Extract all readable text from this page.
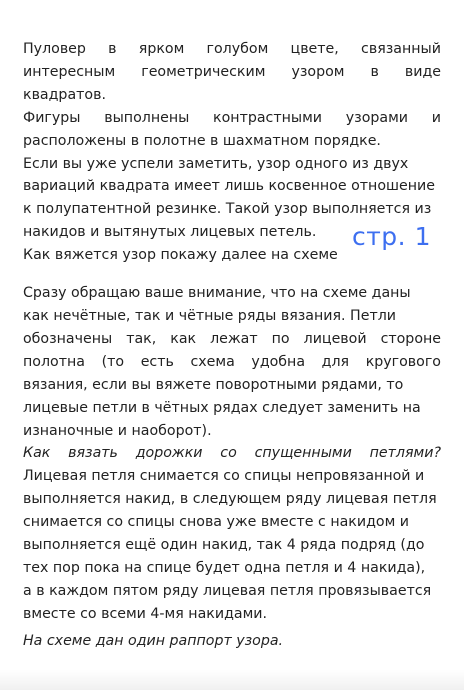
Пуловер в ярком голубом цвете, связанный
интересным геометрическим узором в виде
квадратов.
Фигуры выполнены контрастными узорами и
расположены в полотне в шахматном порядке.
Если вы уже успели заметить, узор одного из двух
вариаций квадрата имеет лишь косвенное отношение
к полупатентной резинке. Такой узор выполняется из
накидов и вытянутых лицевых петель.
Как вяжется узор покажу далее на схеме
Сразу обращаю ваше внимание, что на схеме даны
как нечётные, так и чётные ряды вязания. Петли
обозначены так, как лежат по лицевой стороне
полотна (то есть схема удобна для кругового
вязания, если вы вяжете поворотными рядами, то
лицевые петли в чётных рядах следует заменить на
изнаночные и наоборот).
Как вязать дорожки со спущенными петлями?
Лицевая петля снимается со спицы непровязанной и
выполняется накид, в следующем ряду лицевая петля
снимается со спицы снова уже вместе с накидом и
выполняется ещё один накид, так 4 ряда подряд (до
тех пор пока на спице будет одна петля и 4 накида),
а в каждом пятом ряду лицевая петля провязывается
вместе со всеми 4-мя накидами.
На схеме дан один раппорт узора.
стр. 1
